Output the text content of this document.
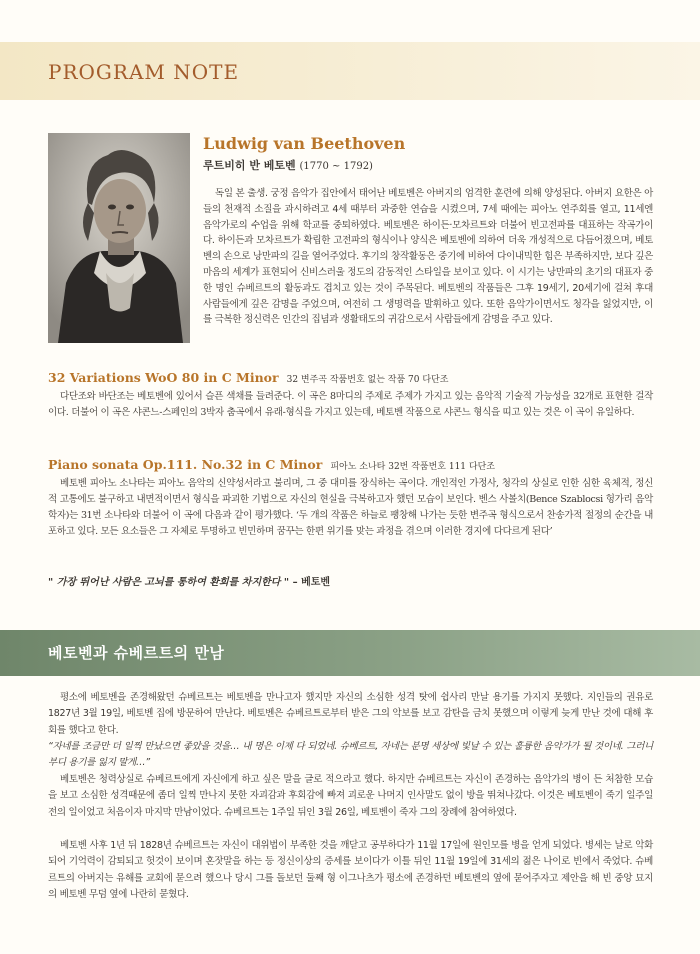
PROGRAM NOTE
Ludwig van Beethoven
루트비히 반 베토벤 (1770 ~ 1792)
독일 본 출생. 궁정 음악가 집안에서 태어난 베토벤은 아버지의 엄격한 훈련에 의해 양성된다. 아버지 요한은 아들의 천재적 소질을 과시하려고 4세 때부터 과중한 연습을 시켰으며, 7세 때에는 피아노 연주회를 열고, 11세엔 음악가로의 수업을 위해 학교를 중퇴하였다. 베토벤은 하이든·모차르트와 더불어 빈고전파를 대표하는 작곡가이다. 하이든과 모차르트가 확립한 고전파의 형식이나 양식은 베토벤에 의하여 더욱 개성적으로 다듬어졌으며, 베토벤의 손으로 낭만파의 길을 열어주었다. 후기의 창작활동은 중기에 비하여 다이내믹한 힘은 부족하지만, 보다 깊은 마음의 세계가 표현되어 신비스러울 정도의 감동적인 스타일을 보이고 있다. 이 시기는 낭만파의 초기의 대표자 중 한 명인 슈베르트의 활동과도 겹치고 있는 것이 주목된다. 베토벤의 작품들은 그후 19세기, 20세기에 걸쳐 후대 사람들에게 깊은 감명을 주었으며, 여전히 그 생명력을 발휘하고 있다. 또한 음악가이면서도 청각을 잃었지만, 이를 극복한 정신력은 인간의 집념과 생활태도의 귀감으로서 사람들에게 감명을 주고 있다.
32 Variations WoO 80 in C Minor 32 변주곡 작품번호 없는 작품 70 다단조
다단조와 바단조는 베토벤에 있어서 슬픈 색채를 들려준다. 이 곡은 8마디의 주제로 주제가 가지고 있는 음악적 기술적 가능성을 32개로 표현한 걸작이다. 더불어 이 곡은 샤콘느-스페인의 3박자 춤곡에서 유래-형식을 가지고 있는데, 베토벤 작품으로 샤콘느 형식을 띠고 있는 것은 이 곡이 유일하다.
Piano sonata Op.111. No.32 in C Minor 피아노 소나타 32번 작품번호 111 다단조
베토벤 피아노 소나타는 피아노 음악의 신약성서라고 불리며, 그 중 대미를 장식하는 곡이다. 개인적인 가정사, 청각의 상실로 인한 심한 육체적, 정신적 고통에도 불구하고 내면적이면서 형식을 파괴한 기법으로 자신의 현실을 극복하고자 했던 모습이 보인다. 벤스 사볼치(Bence Szablocsi 헝가리 음악학자)는 31번 소나타와 더불어 이 곡에 다음과 같이 평가했다. ‘두 개의 작품은 하늘로 팽창해 나가는 듯한 변주곡 형식으로서 찬송가적 절정의 순간을 내포하고 있다. 모든 요소들은 그 자체로 투명하고 빈민하며 꿈꾸는 한편 위기를 맞는 과정을 겪으며 이러한 경지에 다다르게 된다’
" 가장 뛰어난 사람은 고뇌를 통하여 환희를 차지한다 " – 베토벤
베토벤과 슈베르트의 만남
평소에 베토벤을 존경해왔던 슈베르트는 베토벤을 만나고자 했지만 자신의 소심한 성격 탓에 쉽사리 만날 용기를 가지지 못했다. 지인들의 권유로 1827년 3월 19일, 베토벤 집에 방문하여 만난다. 베토벤은 슈베르트로부터 받은 그의 악보를 보고 감탄을 금치 못했으며 이렇게 늦게 만난 것에 대해 후회를 했다고 한다.
“자네를 조금만 더 일찍 만났으면 좋았을 것을… 내 명은 이제 다 되었네. 슈베르트, 자네는 분명 세상에 빛날 수 있는 훌륭한 음악가가 될 것이네. 그러니 부디 용기를 잃지 말게…”
베토벤은 청력상실로 슈베르트에게 자신에게 하고 싶은 말을 글로 적으라고 했다. 하지만 슈베르트는 자신이 존경하는 음악가의 병이 든 처참한 모습을 보고 소심한 성격때문에 좀더 일찍 만나지 못한 자괴감과 후회감에 빠져 괴로운 나머지 인사말도 없이 방을 뛰쳐나갔다. 이것은 베토벤이 죽기 일주일 전의 일이었고 처음이자 마지막 만남이었다. 슈베르트는 1주일 뒤인 3월 26일, 베토벤이 죽자 그의 장례에 참여하였다.
베토벤 사후 1년 뒤 1828년 슈베르트는 자신이 대위법이 부족한 것을 깨닫고 공부하다가 11월 17일에 원인모를 병을 얻게 되었다. 병세는 날로 악화되어 기억력이 감퇴되고 헛것이 보이며 혼잣말을 하는 등 정신이상의 증세를 보이다가 이틀 뒤인 11월 19일에 31세의 젊은 나이로 빈에서 죽었다. 슈베르트의 아버지는 유해를 교회에 묻으려 했으나 당시 그를 돌보던 둘째 형 이그나츠가 평소에 존경하던 베토벤의 옆에 묻어주자고 제안을 해 빈 중앙 묘지의 베토벤 무덤 옆에 나란히 묻혔다.
